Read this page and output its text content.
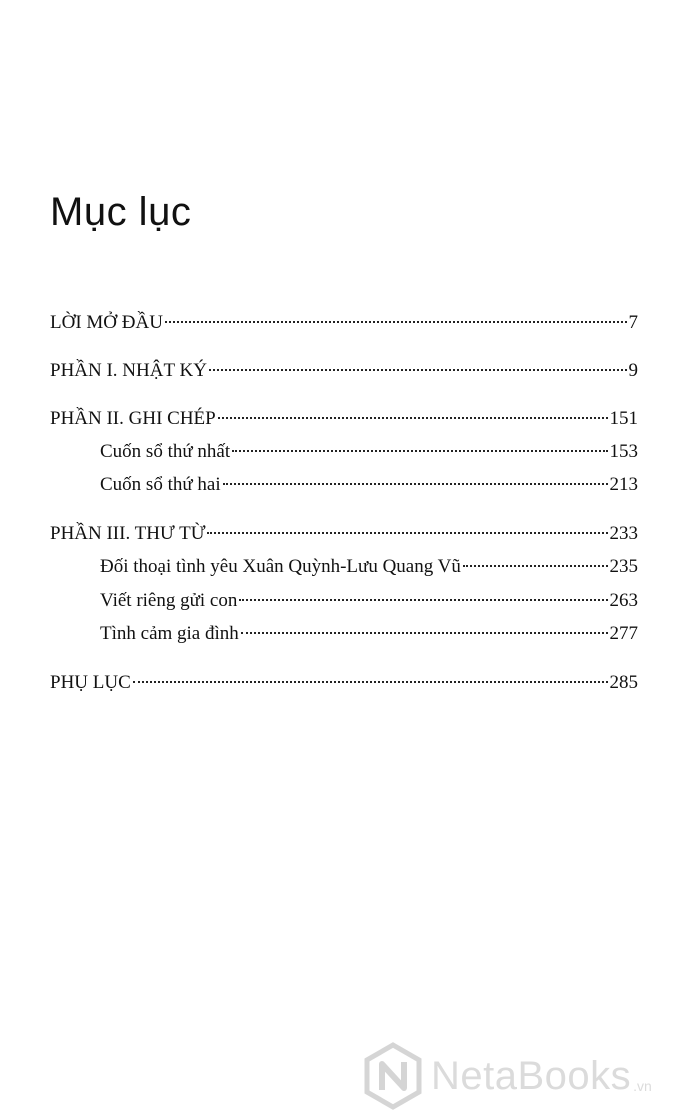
Mục lục
LỜI MỞ ĐẦU	7
PHẦN I. NHẬT KÝ	9
PHẦN II. GHI CHÉP	151
Cuốn sổ thứ nhất	153
Cuốn sổ thứ hai	213
PHẦN III. THƯ TỪ	233
Đối thoại tình yêu Xuân Quỳnh-Lưu Quang Vũ	235
Viết riêng gửi con	263
Tình cảm gia đình	277
PHỤ LỤC	285
NetaBooks .vn
